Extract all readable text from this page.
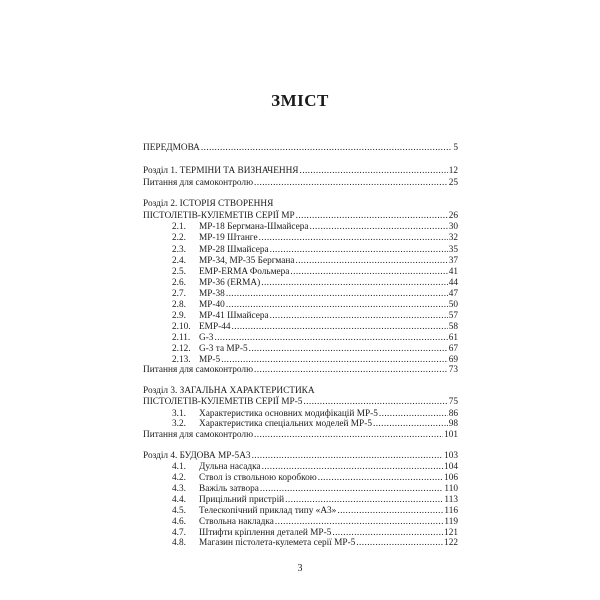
ЗМІСТ
ПЕРЕДМОВА	5
.....
Розділ 1. ТЕРМІНИ ТА ВИЗНАЧЕННЯ	12
.....
Питання для самоконтролю	25
.....
Розділ 2. ІСТОРІЯ СТВОРЕННЯ
ПІСТОЛЕТІВ-КУЛЕМЕТІВ СЕРІЇ МР	26
.....
2.1. МР-18 Бергмана-Шмайсера	30
.....
2.2. МР-19 Штанге	32
.....
2.3. МР-28 Шмайсера	35
.....
2.4. МР-34, МР-35 Бергмана	37
.....
2.5. EMP-ERMA Фольмера	41
.....
2.6. МР-36 (ERMA)	44
.....
2.7. МР-38	47
.....
2.8. МР-40	50
.....
2.9. МР-41 Шмайсера	57
.....
2.10. EMP-44	58
.....
2.11. G-3	61
.....
2.12. G-3 та МР-5	67
.....
2.13. МР-5	69
.....
Питання для самоконтролю	73
.....
Розділ 3. ЗАГАЛЬНА ХАРАКТЕРИСТИКА
ПІСТОЛЕТІВ-КУЛЕМЕТІВ СЕРІЇ МР-5	75
.....
3.1. Характеристика основних модифікацій МР-5	86
.....
3.2. Характеристика спеціальних моделей МР-5	98
.....
Питання для самоконтролю	101
.....
Розділ 4. БУДОВА МР-5А3	103
.....
4.1. Дульна насадка	104
.....
4.2. Ствол із ствольною коробкою	106
.....
4.3. Важіль затвора	110
.....
4.4. Прицільний пристрій	113
.....
4.5. Телескопічний приклад типу «А3»	116
.....
4.6. Ствольна накладка	119
.....
4.7. Штифти кріплення деталей МР-5	121
.....
4.8. Магазин пістолета-кулемета серії МР-5	122
.....
3
